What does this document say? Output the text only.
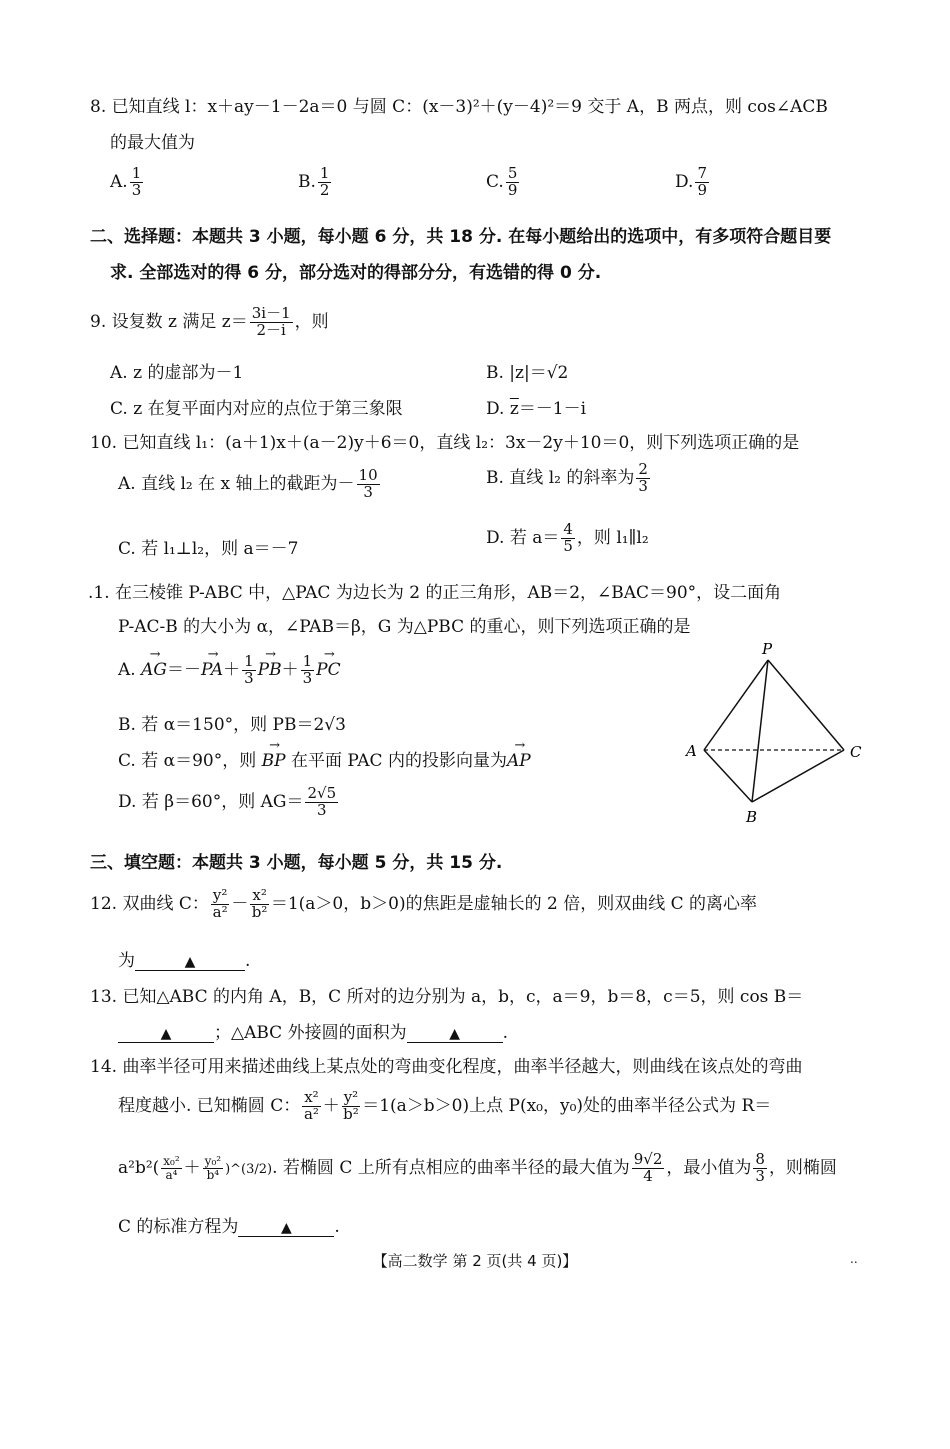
8. 已知直线 l：x＋ay－1－2a＝0 与圆 C：(x－3)²＋(y－4)²＝9 交于 A，B 两点，则 cos∠ACB
的最大值为
A. $\frac{1}{3}$	B. $\frac{1}{2}$	C. $\frac{5}{9}$	D. $\frac{7}{9}$
二、选择题：本题共 3 小题，每小题 6 分，共 18 分. 在每小题给出的选项中，有多项符合题目要
求. 全部选对的得 6 分，部分选对的得部分分，有选错的得 0 分.
9. 设复数 z 满足 $z= \frac{3i-1}{2-i}$ ，则
A. z 的虚部为－1	B. |z|＝√2
C. z 在复平面内对应的点位于第三象限	D. $\overline{z}=-1-i$
10. 已知直线 l₁：(a＋1)x＋(a－2)y＋6＝0，直线 l₂：3x－2y＋10＝0，则下列选项正确的是
A. 直线 l₂ 在 x 轴上的截距为－ $\frac{10}{3}$	B. 直线 l₂ 的斜率为 $\frac{2}{3}$
C. 若 l₁⊥l₂，则 a＝－7
D. 若 $a= \frac{4}{5}$ ，则 l₁∥l₂
.1. 在三棱锥 P-ABC 中，△PAC 为边长为 2 的正三角形，AB＝2，∠BAC＝90°，设二面角
P-AC-B 的大小为 α，∠PAB＝β，G 为△PBC 的重心，则下列选项正确的是
A. → $AG=-\to PA+ \frac{1}{3} \to PB+ \frac{1}{3}$ → PC
B. 若 α＝150°，则 PB＝2√3
C. 若 α＝90°，则 → BP 在平面 PAC 内的投影向量为→ AP
D. 若 β＝60°，则 $AG= \frac{2√5}{3}$
P
A	C
B
三、填空题：本题共 3 小题，每小题 5 分，共 15 分.
12. 双曲线 C： $\frac{\text{y²}}{\text{a²}} - \frac{\text{x²}}{\text{b²}} =1(a>0$，b＞0)的焦距是虚轴长的 2 倍，则双曲线 C 的离心率
为	▲	.
13. 已知△ABC 的内角 A，B，C 所对的边分别为 a，b，c，a＝9，b＝8，c＝5，则 cos B＝
▲	；△ABC 外接圆的面积为	▲	.
14. 曲率半径可用来描述曲线上某点处的弯曲变化程度，曲率半径越大，则曲线在该点处的弯曲
程度越小. 已知椭圆 C： $\frac{\text{x²}}{\text{a²}} + \frac{\text{y²}}{\text{b²}} =1(a>b>0)$上点 P(x₀，y₀)处的曲率半径公式为 R＝
$a^2b^2( \frac{\text{x₀²}}{\text{a⁴}} + \frac{\text{y₀²}}{\text{b⁴}}$ )^(3/2). 若椭圆 C 上所有点相应的曲率半径的最大值为 $\frac{9√2}{4}$ ，最小值为 $\frac{8}{3}$ ，则椭圆
C 的标准方程为	▲	.
【高二数学 第 2 页(共 4 页)】	..
